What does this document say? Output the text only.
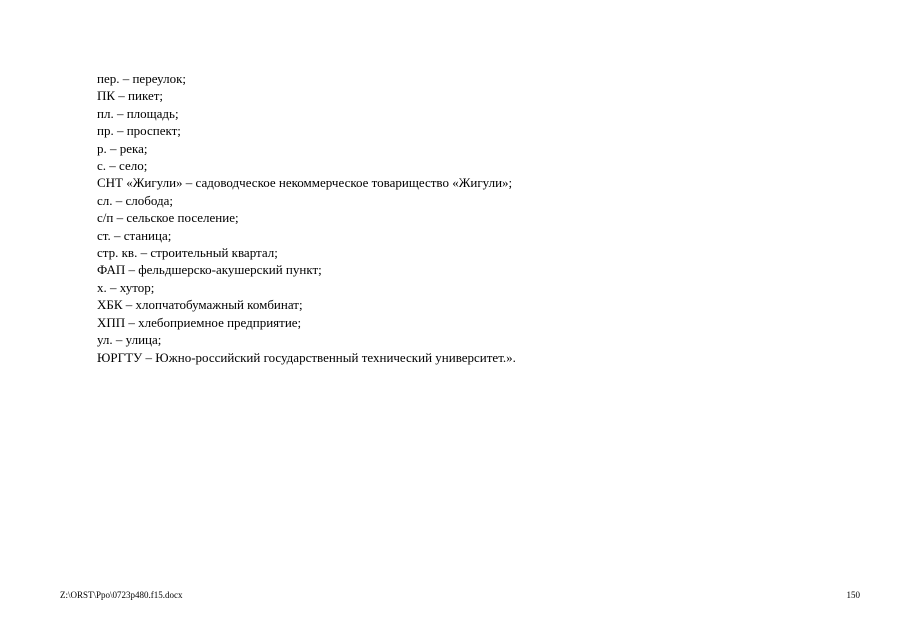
пер. – переулок;
ПК – пикет;
пл. – площадь;
пр. – проспект;
р. – река;
с. – село;
СНТ «Жигули» – садоводческое некоммерческое товарищество «Жигули»;
сл. – слобода;
с/п – сельское поселение;
ст. – станица;
стр. кв. – строительный квартал;
ФАП – фельдшерско-акушерский пункт;
х. – хутор;
ХБК – хлопчатобумажный комбинат;
ХПП – хлебоприемное предприятие;
ул. – улица;
ЮРГТУ – Южно-российский государственный технический университет.».
Z:\ORST\Ppo\0723p480.f15.docx	150
